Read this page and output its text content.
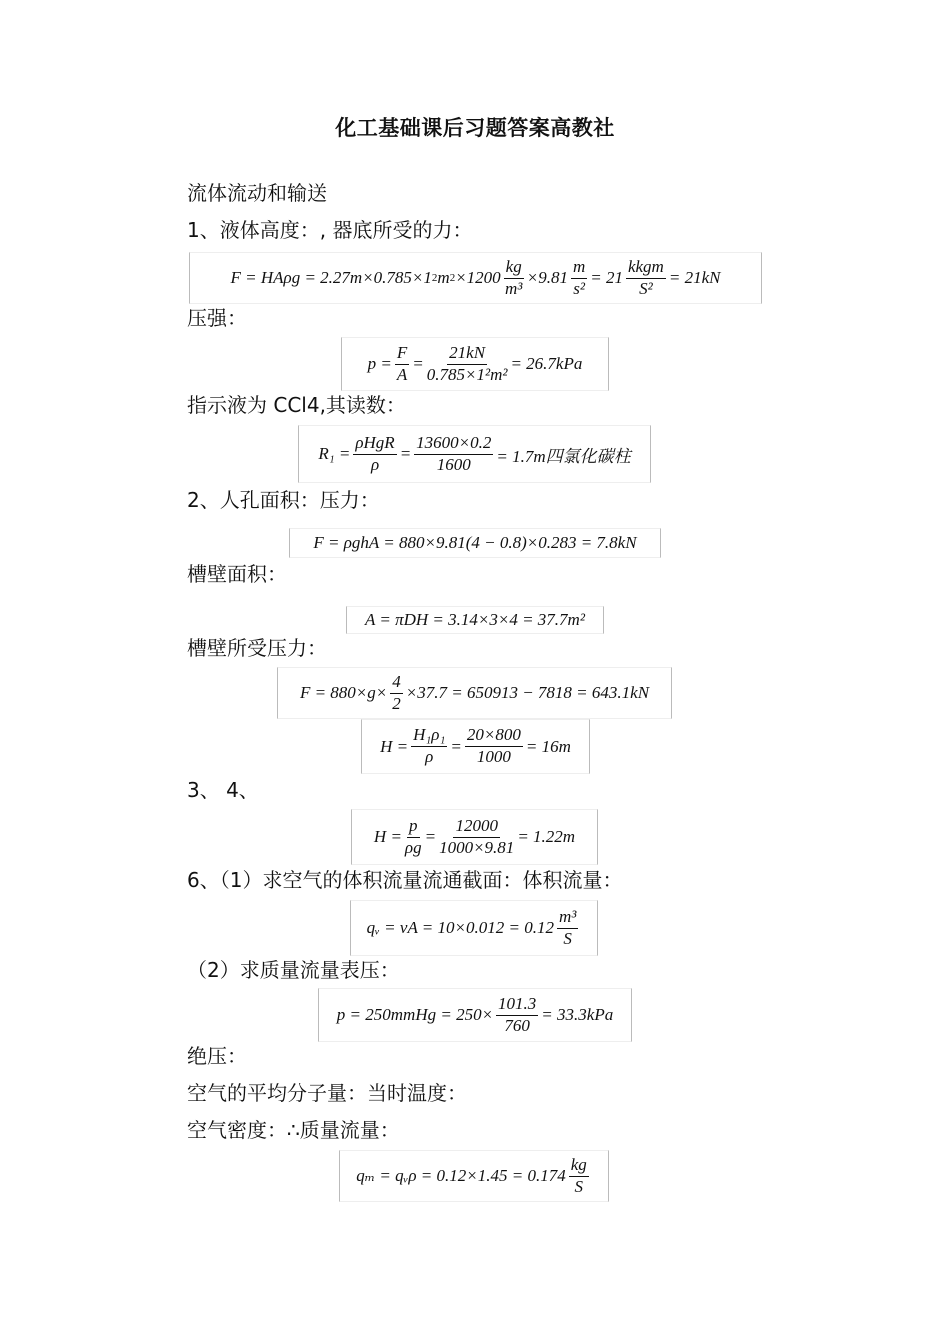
化工基础课后习题答案高教社
流体流动和输送
1、液体高度：, 器底所受的力：
F = HAρg = 2.27m×0.785×1 2 m $2 \times 1200 \frac{kg}{\text{m³}} \times 9.81 \frac{m}{\text{s²}} = 21 \frac{\text{kkgm}}{\text{S²}} = 21kN$
压强：
$p = \frac{F}{A} = \frac{21kN}{\text{0.785×1²m²}} = 26.7kPa$
指示液为 CCl4,其读数：
$R_1 = \frac{\text{ρHgR}}{\rho} = \frac{13600\times 0.2}{1600} = 1.7m$四氯化碳柱
2、人孔面积：压力：
F = ρghA = 880×9.81(4 − 0.8)×0.283 = 7.8kN
槽壁面积：
A = πDH = 3.14×3×4 = 37.7m²
槽壁所受压力：
$F = 880\times g\times \frac{4}{2} \times 37.7 = 650913 - 7818 = 643.1kN$
$H = \frac{\text{H₁ρ₁}}{\rho} = \frac{20\times 800}{1000} = 16m$
3、 4、
$H = \frac{p}{\rho g} = \frac{12000}{1000\times 9.81} = 1.22m$
6、（1）求空气的体积流量流通截面：体积流量：
qᵥ = vA = $10\times 0.012 = 0.12 \frac{\text{m³}}{S}$
（2）求质量流量表压：
p = 250mmHg = $250\times \frac{101.3}{760} = 33.3kPa$
绝压：
空气的平均分子量：当时温度：
空气密度：∴质量流量：
qₘ = qᵥρ = $0.12\times 1.45 = 0.174 \frac{kg}{S}$
